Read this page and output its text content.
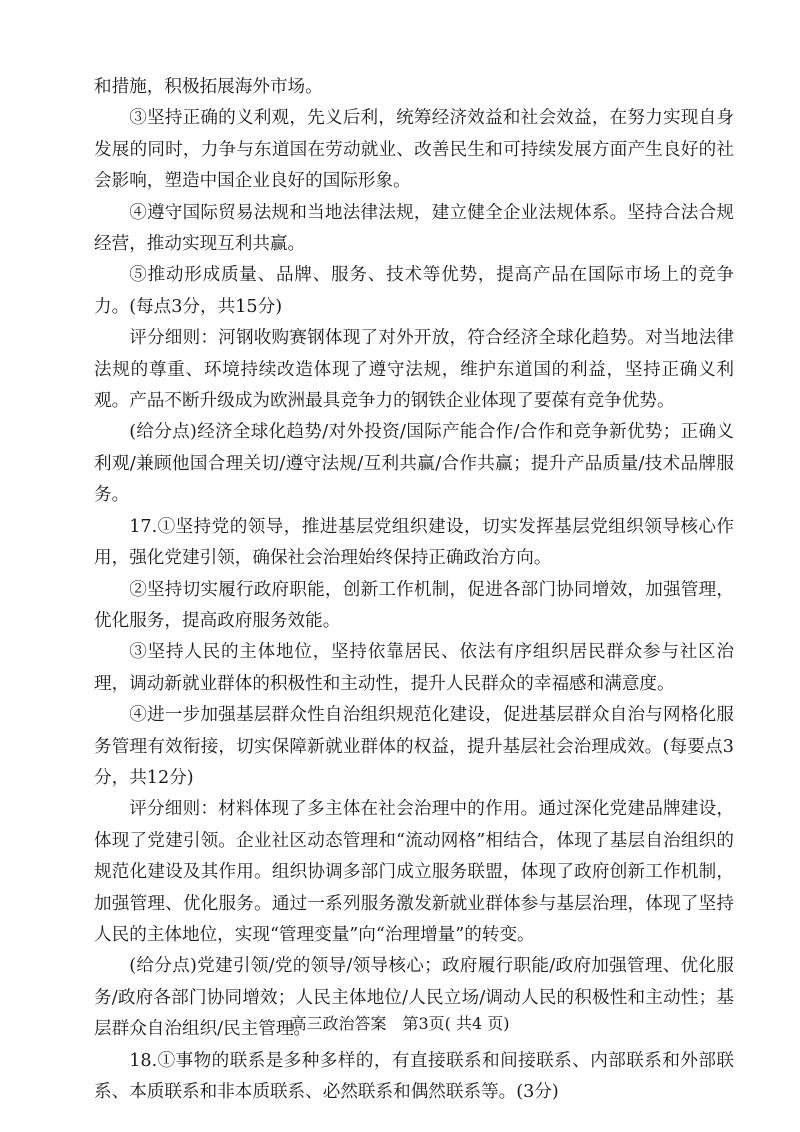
和措施，积极拓展海外市场。

③坚持正确的义利观，先义后利，统筹经济效益和社会效益，在努力实现自身发展的同时，力争与东道国在劳动就业、改善民生和可持续发展方面产生良好的社会影响，塑造中国企业良好的国际形象。

④遵守国际贸易法规和当地法律法规，建立健全企业法规体系。坚持合法合规经营，推动实现互利共赢。

⑤推动形成质量、品牌、服务、技术等优势，提高产品在国际市场上的竞争力。(每点3分，共15分)

评分细则：河钢收购赛钢体现了对外开放，符合经济全球化趋势。对当地法律法规的尊重、环境持续改造体现了遵守法规，维护东道国的利益，坚持正确义利观。产品不断升级成为欧洲最具竞争力的钢铁企业体现了要葆有竞争优势。

(给分点)经济全球化趋势/对外投资/国际产能合作/合作和竞争新优势；正确义利观/兼顾他国合理关切/遵守法规/互利共赢/合作共赢；提升产品质量/技术品牌服务。

17.①坚持党的领导，推进基层党组织建设，切实发挥基层党组织领导核心作用，强化党建引领，确保社会治理始终保持正确政治方向。

②坚持切实履行政府职能，创新工作机制，促进各部门协同增效，加强管理，优化服务，提高政府服务效能。

③坚持人民的主体地位，坚持依靠居民、依法有序组织居民群众参与社区治理，调动新就业群体的积极性和主动性，提升人民群众的幸福感和满意度。

④进一步加强基层群众性自治组织规范化建设，促进基层群众自治与网格化服务管理有效衔接，切实保障新就业群体的权益，提升基层社会治理成效。(每要点3分，共12分)

评分细则：材料体现了多主体在社会治理中的作用。通过深化党建品牌建设，体现了党建引领。企业社区动态管理和“流动网格”相结合，体现了基层自治组织的规范化建设及其作用。组织协调多部门成立服务联盟，体现了政府创新工作机制，加强管理、优化服务。通过一系列服务激发新就业群体参与基层治理，体现了坚持人民的主体地位，实现“管理变量”向“治理增量”的转变。

(给分点)党建引领/党的领导/领导核心；政府履行职能/政府加强管理、优化服务/政府各部门协同增效；人民主体地位/人民立场/调动人民的积极性和主动性；基层群众自治组织/民主管理。

18.①事物的联系是多种多样的，有直接联系和间接联系、内部联系和外部联系、本质联系和非本质联系、必然联系和偶然联系等。(3分)

高三政治答案　第3页( 共4 页)
